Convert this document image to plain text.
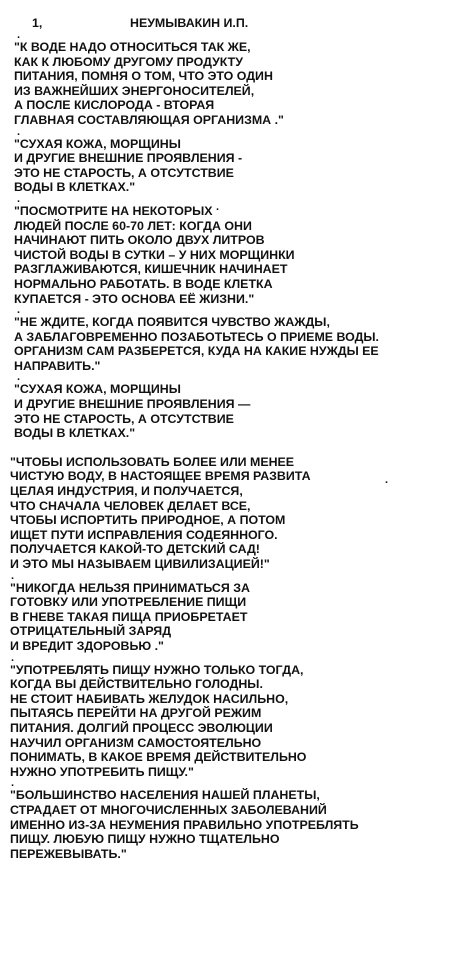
1,	НЕУМЫВАКИН И.П.
.

"К ВОДЕ НАДО ОТНОСИТЬСЯ ТАК ЖЕ,
КАК К ЛЮБОМУ ДРУГОМУ ПРОДУКТУ
ПИТАНИЯ, ПОМНЯ О ТОМ, ЧТО ЭТО ОДИН
ИЗ ВАЖНЕЙШИХ ЭНЕРГОНОСИТЕЛЕЙ,
А ПОСЛЕ КИСЛОРОДА - ВТОРАЯ
ГЛАВНАЯ СОСТАВЛЯЮЩАЯ ОРГАНИЗМА ."

.

"СУХАЯ КОЖА, МОРЩИНЫ
И ДРУГИЕ ВНЕШНИЕ ПРОЯВЛЕНИЯ -
ЭТО НЕ СТАРОСТЬ, А ОТСУТСТВИЕ
ВОДЫ В КЛЕТКАХ."

.

"ПОСМОТРИТЕ НА НЕКОТОРЫХ
ЛЮДЕЙ ПОСЛЕ 60-70 ЛЕТ: КОГДА ОНИ
НАЧИНАЮТ ПИТЬ ОКОЛО ДВУХ ЛИТРОВ
ЧИСТОЙ ВОДЫ В СУТКИ – У НИХ МОРЩИНКИ
РАЗГЛАЖИВАЮТСЯ, КИШЕЧНИК НАЧИНАЕТ
НОРМАЛЬНО РАБОТАТЬ. В ВОДЕ КЛЕТКА
КУПАЕТСЯ - ЭТО ОСНОВА ЕЁ ЖИЗНИ."

.

"НЕ ЖДИТЕ, КОГДА ПОЯВИТСЯ ЧУВСТВО ЖАЖДЫ,
А ЗАБЛАГОВРЕМЕННО ПОЗАБОТЬТЕСЬ О ПРИЕМЕ ВОДЫ.
ОРГАНИЗМ САМ РАЗБЕРЕТСЯ, КУДА НА КАКИЕ НУЖДЫ ЕЕ
НАПРАВИТЬ."

.

"СУХАЯ КОЖА, МОРЩИНЫ
И ДРУГИЕ ВНЕШНИЕ ПРОЯВЛЕНИЯ —
ЭТО НЕ СТАРОСТЬ, А ОТСУТСТВИЕ
ВОДЫ В КЛЕТКАХ."

"ЧТОБЫ ИСПОЛЬЗОВАТЬ БОЛЕЕ ИЛИ МЕНЕЕ
ЧИСТУЮ ВОДУ, В НАСТОЯЩЕЕ ВРЕМЯ РАЗВИТА
ЦЕЛАЯ ИНДУСТРИЯ, И ПОЛУЧАЕТСЯ,
ЧТО СНАЧАЛА ЧЕЛОВЕК ДЕЛАЕТ ВСЕ,
ЧТОБЫ ИСПОРТИТЬ ПРИРОДНОЕ, А ПОТОМ
ИЩЕТ ПУТИ ИСПРАВЛЕНИЯ СОДЕЯННОГО.
ПОЛУЧАЕТСЯ КАКОЙ-ТО ДЕТСКИЙ САД!
И ЭТО МЫ НАЗЫВАЕМ ЦИВИЛИЗАЦИЕЙ!"

.

"НИКОГДА НЕЛЬЗЯ ПРИНИМАТЬСЯ ЗА
ГОТОВКУ ИЛИ УПОТРЕБЛЕНИЕ ПИЩИ
В ГНЕВЕ ТАКАЯ ПИЩА ПРИОБРЕТАЕТ
ОТРИЦАТЕЛЬНЫЙ ЗАРЯД
И ВРЕДИТ ЗДОРОВЬЮ ."

.

"УПОТРЕБЛЯТЬ ПИЩУ НУЖНО ТОЛЬКО ТОГДА,
КОГДА ВЫ ДЕЙСТВИТЕЛЬНО ГОЛОДНЫ.
НЕ СТОИТ НАБИВАТЬ ЖЕЛУДОК НАСИЛЬНО,
ПЫТАЯСЬ ПЕРЕЙТИ НА ДРУГОЙ РЕЖИМ
ПИТАНИЯ. ДОЛГИЙ ПРОЦЕСС ЭВОЛЮЦИИ
НАУЧИЛ ОРГАНИЗМ САМОСТОЯТЕЛЬНО
ПОНИМАТЬ, В КАКОЕ ВРЕМЯ ДЕЙСТВИТЕЛЬНО
НУЖНО УПОТРЕБИТЬ ПИЩУ."

.

"БОЛЬШИНСТВО НАСЕЛЕНИЯ НАШЕЙ ПЛАНЕТЫ,
СТРАДАЕТ ОТ МНОГОЧИСЛЕННЫХ ЗАБОЛЕВАНИЙ
ИМЕННО ИЗ-ЗА НЕУМЕНИЯ ПРАВИЛЬНО УПОТРЕБЛЯТЬ
ПИЩУ. ЛЮБУЮ ПИЩУ НУЖНО ТЩАТЕЛЬНО
ПЕРЕЖЕВЫВАТЬ."

.
.
